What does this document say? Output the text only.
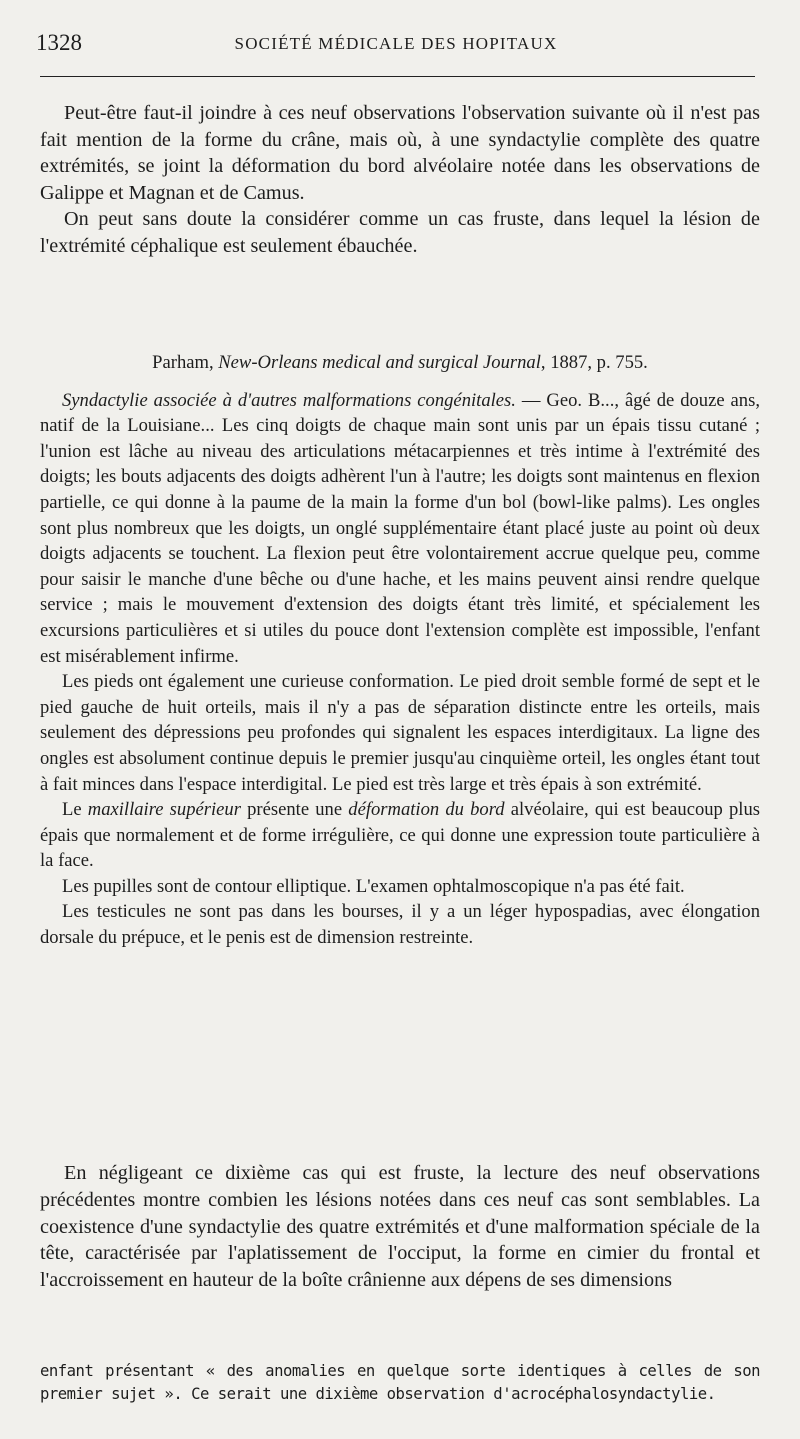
1328	SOCIÉTÉ MÉDICALE DES HOPITAUX

Peut-être faut-il joindre à ces neuf observations l'observation suivante où il n'est pas fait mention de la forme du crâne, mais où, à une syndactylie complète des quatre extrémités, se joint la déformation du bord alvéolaire notée dans les observations de Galippe et Magnan et de Camus.

On peut sans doute la considérer comme un cas fruste, dans lequel la lésion de l'extrémité céphalique est seulement ébauchée.

Parham, New-Orleans medical and surgical Journal, 1887, p. 755.

Syndactylie associée à d'autres malformations congénitales. — Geo. B..., âgé de douze ans, natif de la Louisiane... Les cinq doigts de chaque main sont unis par un épais tissu cutané ; l'union est lâche au niveau des articulations métacarpiennes et très intime à l'extrémité des doigts; les bouts adjacents des doigts adhèrent l'un à l'autre; les doigts sont maintenus en flexion partielle, ce qui donne à la paume de la main la forme d'un bol (bowl-like palms). Les ongles sont plus nombreux que les doigts, un onglé supplémentaire étant placé juste au point où deux doigts adjacents se touchent. La flexion peut être volontairement accrue quelque peu, comme pour saisir le manche d'une bêche ou d'une hache, et les mains peuvent ainsi rendre quelque service ; mais le mouvement d'extension des doigts étant très limité, et spécialement les excursions particulières et si utiles du pouce dont l'extension complète est impossible, l'enfant est misérablement infirme.

Les pieds ont également une curieuse conformation. Le pied droit semble formé de sept et le pied gauche de huit orteils, mais il n'y a pas de séparation distincte entre les orteils, mais seulement des dépressions peu profondes qui signalent les espaces interdigitaux. La ligne des ongles est absolument continue depuis le premier jusqu'au cinquième orteil, les ongles étant tout à fait minces dans l'espace interdigital. Le pied est très large et très épais à son extrémité.

Le maxillaire supérieur présente une déformation du bord alvéolaire, qui est beaucoup plus épais que normalement et de forme irrégulière, ce qui donne une expression toute particulière à la face.

Les pupilles sont de contour elliptique. L'examen ophtalmoscopique n'a pas été fait.

Les testicules ne sont pas dans les bourses, il y a un léger hypospadias, avec élongation dorsale du prépuce, et le penis est de dimension restreinte.

En négligeant ce dixième cas qui est fruste, la lecture des neuf observations précédentes montre combien les lésions notées dans ces neuf cas sont semblables. La coexistence d'une syndactylie des quatre extrémités et d'une malformation spéciale de la tête, caractérisée par l'aplatissement de l'occiput, la forme en cimier du frontal et l'accroissement en hauteur de la boîte crânienne aux dépens de ses dimensions

enfant présentant « des anomalies en quelque sorte identiques à celles de son premier sujet ». Ce serait une dixième observation d'acrocéphalosyndactylie.
